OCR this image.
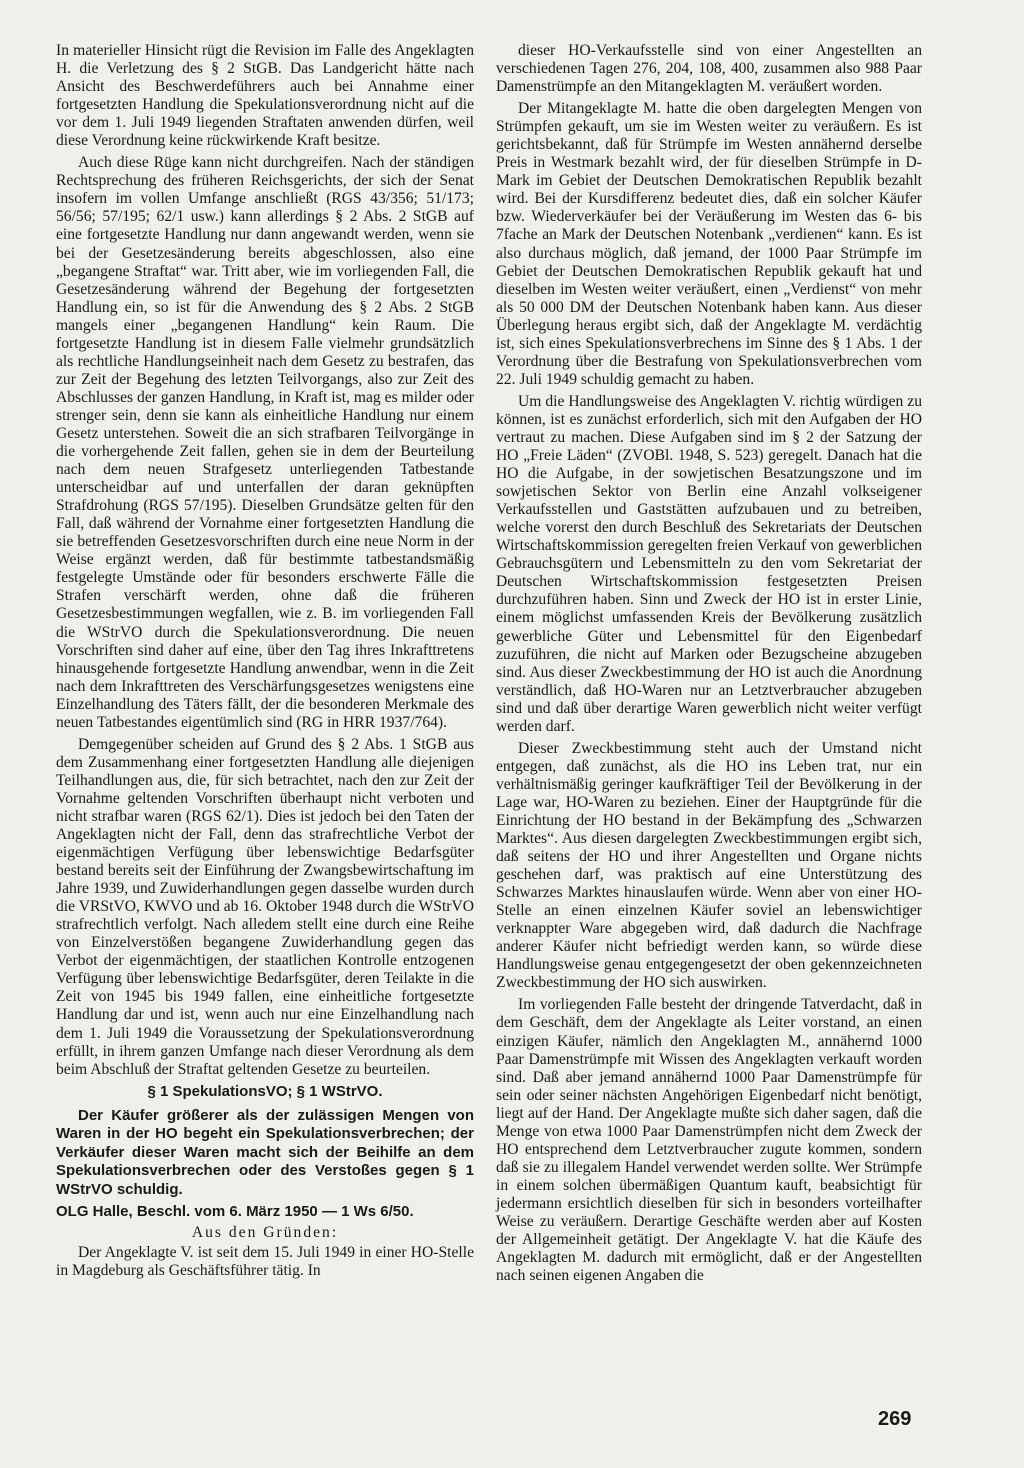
In materieller Hinsicht rügt die Revision im Falle des Angeklagten H. die Verletzung des § 2 StGB. Das Landgericht hätte nach Ansicht des Beschwerdeführers auch bei Annahme einer fortgesetzten Handlung die Spekulationsverordnung nicht auf die vor dem 1. Juli 1949 liegenden Straftaten anwenden dürfen, weil diese Verordnung keine rückwirkende Kraft besitze.

Auch diese Rüge kann nicht durchgreifen. Nach der ständigen Rechtsprechung des früheren Reichsgerichts, der sich der Senat insofern im vollen Umfange anschließt (RGS 43/356; 51/173; 56/56; 57/195; 62/1 usw.) kann allerdings § 2 Abs. 2 StGB auf eine fortgesetzte Handlung nur dann angewandt werden, wenn sie bei der Gesetzesänderung bereits abgeschlossen, also eine „begangene Straftat“ war. Tritt aber, wie im vorliegenden Fall, die Gesetzesänderung während der Begehung der fortgesetzten Handlung ein, so ist für die Anwendung des § 2 Abs. 2 StGB mangels einer „begangenen Handlung“ kein Raum. Die fortgesetzte Handlung ist in diesem Falle vielmehr grundsätzlich als rechtliche Handlungseinheit nach dem Gesetz zu bestrafen, das zur Zeit der Begehung des letzten Teilvorgangs, also zur Zeit des Abschlusses der ganzen Handlung, in Kraft ist, mag es milder oder strenger sein, denn sie kann als einheitliche Handlung nur einem Gesetz unterstehen. Soweit die an sich strafbaren Teilvorgänge in die vorhergehende Zeit fallen, gehen sie in dem der Beurteilung nach dem neuen Strafgesetz unterliegenden Tatbestande unterscheidbar auf und unterfallen der daran geknüpften Strafdrohung (RGS 57/195). Dieselben Grundsätze gelten für den Fall, daß während der Vornahme einer fortgesetzten Handlung die sie betreffenden Gesetzesvorschriften durch eine neue Norm in der Weise ergänzt werden, daß für bestimmte tatbestandsmäßig festgelegte Umstände oder für besonders erschwerte Fälle die Strafen verschärft werden, ohne daß die früheren Gesetzesbestimmungen wegfallen, wie z. B. im vorliegenden Fall die WStrVO durch die Spekulationsverordnung. Die neuen Vorschriften sind daher auf eine, über den Tag ihres Inkrafttretens hinausgehende fortgesetzte Handlung anwendbar, wenn in die Zeit nach dem Inkrafttreten des Verschärfungsgesetzes wenigstens eine Einzelhandlung des Täters fällt, der die besonderen Merkmale des neuen Tatbestandes eigentümlich sind (RG in HRR 1937/764).

Demgegenüber scheiden auf Grund des § 2 Abs. 1 StGB aus dem Zusammenhang einer fortgesetzten Handlung alle diejenigen Teilhandlungen aus, die, für sich betrachtet, nach den zur Zeit der Vornahme geltenden Vorschriften überhaupt nicht verboten und nicht strafbar waren (RGS 62/1). Dies ist jedoch bei den Taten der Angeklagten nicht der Fall, denn das strafrechtliche Verbot der eigenmächtigen Verfügung über lebenswichtige Bedarfsgüter bestand bereits seit der Einführung der Zwangsbewirtschaftung im Jahre 1939, und Zuwiderhandlungen gegen dasselbe wurden durch die VRStVO, KWVO und ab 16. Oktober 1948 durch die WStrVO strafrechtlich verfolgt. Nach alledem stellt eine durch eine Reihe von Einzelverstößen begangene Zuwiderhandlung gegen das Verbot der eigenmächtigen, der staatlichen Kontrolle entzogenen Verfügung über lebenswichtige Bedarfsgüter, deren Teilakte in die Zeit von 1945 bis 1949 fallen, eine einheitliche fortgesetzte Handlung dar und ist, wenn auch nur eine Einzelhandlung nach dem 1. Juli 1949 die Voraussetzung der Spekulationsverordnung erfüllt, in ihrem ganzen Umfange nach dieser Verordnung als dem beim Abschluß der Straftat geltenden Gesetze zu beurteilen.

§ 1 SpekulationsVO; § 1 WStrVO.

Der Käufer größerer als der zulässigen Mengen von Waren in der HO begeht ein Spekulationsverbrechen; der Verkäufer dieser Waren macht sich der Beihilfe an dem Spekulationsverbrechen oder des Verstoßes gegen § 1 WStrVO schuldig.

OLG Halle, Beschl. vom 6. März 1950 — 1 Ws 6/50.

Aus den Gründen:

Der Angeklagte V. ist seit dem 15. Juli 1949 in einer HO-Stelle in Magdeburg als Geschäftsführer tätig. In

dieser HO-Verkaufsstelle sind von einer Angestellten an verschiedenen Tagen 276, 204, 108, 400, zusammen also 988 Paar Damenstrümpfe an den Mitangeklagten M. veräußert worden.

Der Mitangeklagte M. hatte die oben dargelegten Mengen von Strümpfen gekauft, um sie im Westen weiter zu veräußern. Es ist gerichtsbekannt, daß für Strümpfe im Westen annähernd derselbe Preis in Westmark bezahlt wird, der für dieselben Strümpfe in D-Mark im Gebiet der Deutschen Demokratischen Republik bezahlt wird. Bei der Kursdifferenz bedeutet dies, daß ein solcher Käufer bzw. Wiederverkäufer bei der Veräußerung im Westen das 6- bis 7fache an Mark der Deutschen Notenbank „verdienen“ kann. Es ist also durchaus möglich, daß jemand, der 1000 Paar Strümpfe im Gebiet der Deutschen Demokratischen Republik gekauft hat und dieselben im Westen weiter veräußert, einen „Verdienst“ von mehr als 50 000 DM der Deutschen Notenbank haben kann. Aus dieser Überlegung heraus ergibt sich, daß der Angeklagte M. verdächtig ist, sich eines Spekulationsverbrechens im Sinne des § 1 Abs. 1 der Verordnung über die Bestrafung von Spekulationsverbrechen vom 22. Juli 1949 schuldig gemacht zu haben.

Um die Handlungsweise des Angeklagten V. richtig würdigen zu können, ist es zunächst erforderlich, sich mit den Aufgaben der HO vertraut zu machen. Diese Aufgaben sind im § 2 der Satzung der HO „Freie Läden“ (ZVOBl. 1948, S. 523) geregelt. Danach hat die HO die Aufgabe, in der sowjetischen Besatzungszone und im sowjetischen Sektor von Berlin eine Anzahl volkseigener Verkaufsstellen und Gaststätten aufzubauen und zu betreiben, welche vorerst den durch Beschluß des Sekretariats der Deutschen Wirtschaftskommission geregelten freien Verkauf von gewerblichen Gebrauchsgütern und Lebensmitteln zu den vom Sekretariat der Deutschen Wirtschaftskommission festgesetzten Preisen durchzuführen haben. Sinn und Zweck der HO ist in erster Linie, einem möglichst umfassenden Kreis der Bevölkerung zusätzlich gewerbliche Güter und Lebensmittel für den Eigenbedarf zuzuführen, die nicht auf Marken oder Bezugscheine abzugeben sind. Aus dieser Zweckbestimmung der HO ist auch die Anordnung verständlich, daß HO-Waren nur an Letztverbraucher abzugeben sind und daß über derartige Waren gewerblich nicht weiter verfügt werden darf.

Dieser Zweckbestimmung steht auch der Umstand nicht entgegen, daß zunächst, als die HO ins Leben trat, nur ein verhältnismäßig geringer kaufkräftiger Teil der Bevölkerung in der Lage war, HO-Waren zu beziehen. Einer der Hauptgründe für die Einrichtung der HO bestand in der Bekämpfung des „Schwarzen Marktes“. Aus diesen dargelegten Zweckbestimmungen ergibt sich, daß seitens der HO und ihrer Angestellten und Organe nichts geschehen darf, was praktisch auf eine Unterstützung des Schwarzes Marktes hinauslaufen würde. Wenn aber von einer HO-Stelle an einen einzelnen Käufer soviel an lebenswichtiger verknappter Ware abgegeben wird, daß dadurch die Nachfrage anderer Käufer nicht befriedigt werden kann, so würde diese Handlungsweise genau entgegengesetzt der oben gekennzeichneten Zweckbestimmung der HO sich auswirken.

Im vorliegenden Falle besteht der dringende Tatverdacht, daß in dem Geschäft, dem der Angeklagte als Leiter vorstand, an einen einzigen Käufer, nämlich den Angeklagten M., annähernd 1000 Paar Damenstrümpfe mit Wissen des Angeklagten verkauft worden sind. Daß aber jemand annähernd 1000 Paar Damenstrümpfe für sein oder seiner nächsten Angehörigen Eigenbedarf nicht benötigt, liegt auf der Hand. Der Angeklagte mußte sich daher sagen, daß die Menge von etwa 1000 Paar Damenstrümpfen nicht dem Zweck der HO entsprechend dem Letztverbraucher zugute kommen, sondern daß sie zu illegalem Handel verwendet werden sollte. Wer Strümpfe in einem solchen übermäßigen Quantum kauft, beabsichtigt für jedermann ersichtlich dieselben für sich in besonders vorteilhafter Weise zu veräußern. Derartige Geschäfte werden aber auf Kosten der Allgemeinheit getätigt. Der Angeklagte V. hat die Käufe des Angeklagten M. dadurch mit ermöglicht, daß er der Angestellten nach seinen eigenen Angaben die

269
